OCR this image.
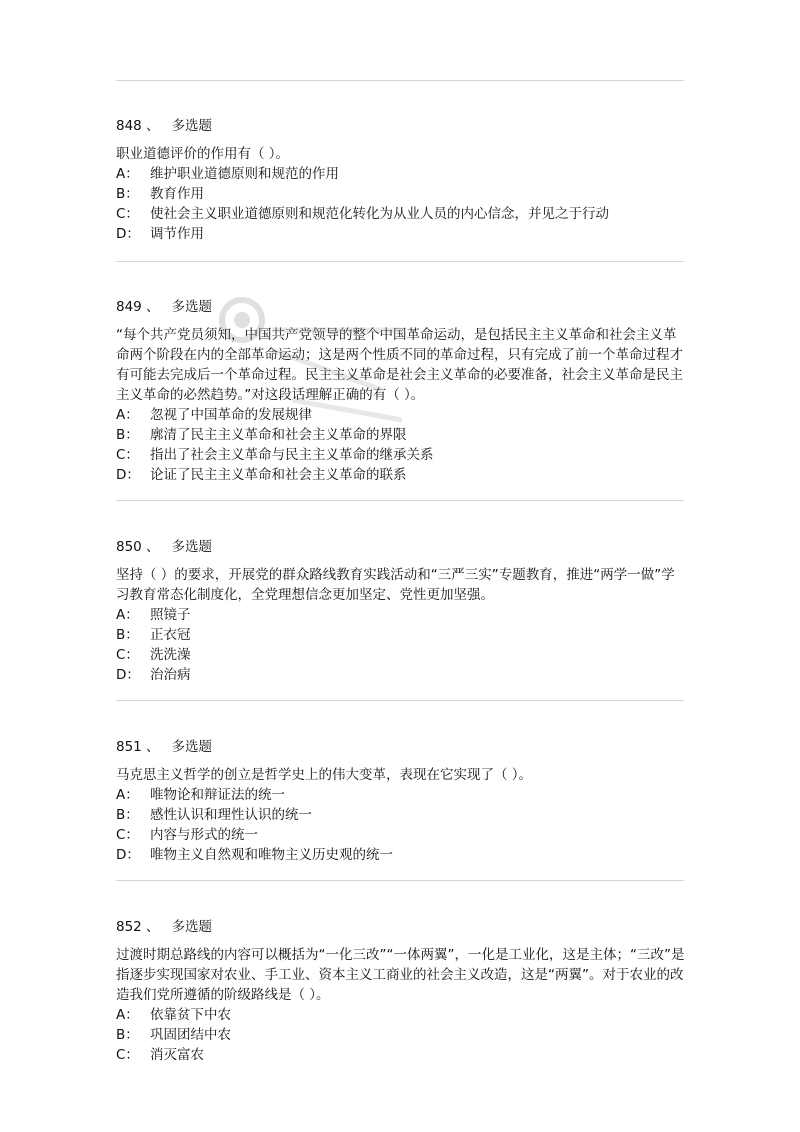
848 、 多选题
职业道德评价的作用有（ ）。
A： 维护职业道德原则和规范的作用
B： 教育作用
C： 使社会主义职业道德原则和规范化转化为从业人员的内心信念，并见之于行动
D： 调节作用
849 、 多选题
“每个共产党员须知，中国共产党领导的整个中国革命运动，是包括民主主义革命和社会主义革命两个阶段在内的全部革命运动；这是两个性质不同的革命过程，只有完成了前一个革命过程才有可能去完成后一个革命过程。民主主义革命是社会主义革命的必要准备，社会主义革命是民主主义革命的必然趋势。”对这段话理解正确的有（ ）。
A： 忽视了中国革命的发展规律
B： 廓清了民主主义革命和社会主义革命的界限
C： 指出了社会主义革命与民主主义革命的继承关系
D： 论证了民主主义革命和社会主义革命的联系
850 、 多选题
坚持（ ）的要求，开展党的群众路线教育实践活动和“三严三实”专题教育，推进“两学一做”学习教育常态化制度化，全党理想信念更加坚定、党性更加坚强。
A： 照镜子
B： 正衣冠
C： 洗洗澡
D： 治治病
851 、 多选题
马克思主义哲学的创立是哲学史上的伟大变革，表现在它实现了（ ）。
A： 唯物论和辩证法的统一
B： 感性认识和理性认识的统一
C： 内容与形式的统一
D： 唯物主义自然观和唯物主义历史观的统一
852 、 多选题
过渡时期总路线的内容可以概括为“一化三改”“一体两翼”，一化是工业化，这是主体；“三改”是指逐步实现国家对农业、手工业、资本主义工商业的社会主义改造，这是“两翼”。对于农业的改造我们党所遵循的阶级路线是（ ）。
A： 依靠贫下中农
B： 巩固团结中农
C： 消灭富农
